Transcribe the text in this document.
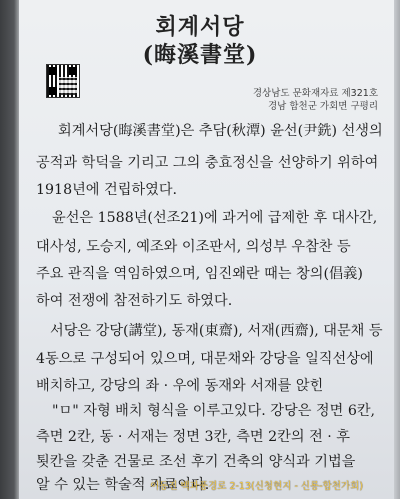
회계서당
(晦溪書堂)
경상남도 문화재자료 제321호
경남 합천군 가회면 구평리
회계서당(晦溪書堂)은 추담(秋潭) 윤선(尹銑) 선생의
공적과 학덕을 기리고 그의 충효정신을 선양하기 위하여
1918년에 건립하였다.
윤선은 1588년(선조21)에 과거에 급제한 후 대사간,
대사성, 도승지, 예조와 이조판서, 의성부 우참찬 등
주요 관직을 역임하였으며, 임진왜란 때는 창의(倡義)
하여 전쟁에 참전하기도 하였다.
서당은 강당(講堂), 동재(東齋), 서재(西齋), 대문채 등
4동으로 구성되어 있으며, 대문채와 강당을 일직선상에
배치하고, 강당의 좌 · 우에 동재와 서재를 앉힌
"ㅁ" 자형 배치 형식을 이루고있다. 강당은 정면 6칸,
측면 2칸, 동 · 서재는 정면 3칸, 측면 2칸의 전 · 후
툇칸을 갖춘 건물로 조선 후기 건축의 양식과 기법을
알 수 있는 학술적 자료이다.
이동진 백과풍경로 2-13(신청현지 - 신롱-합천가회)
